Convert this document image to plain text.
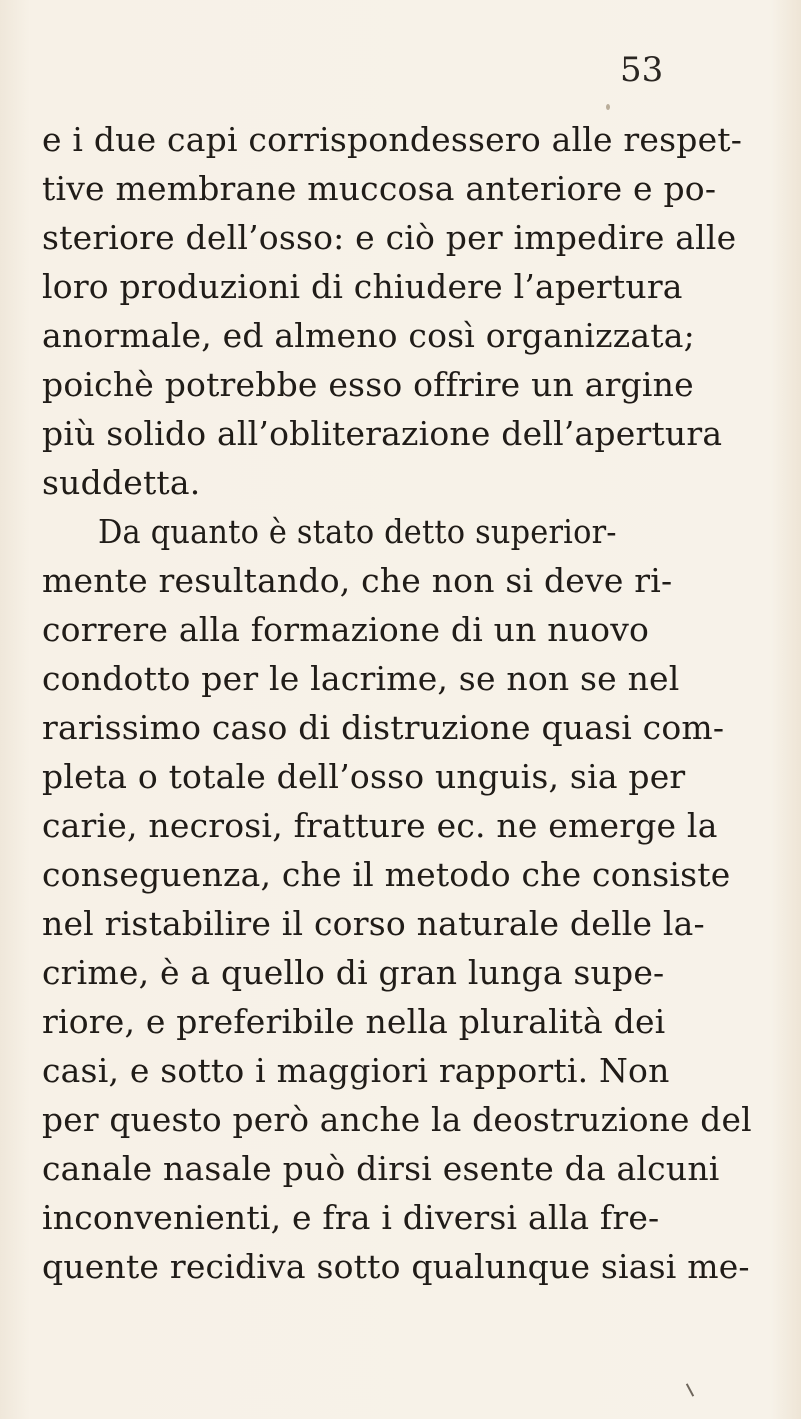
53
e i due capi corrispondessero alle respet-
tive membrane muccosa anteriore e po-
steriore dell’osso: e ciò per impedire alle
loro produzioni di chiudere l’apertura
anormale, ed almeno così organizzata;
poichè potrebbe esso offrire un argine
più solido all’obliterazione dell’apertura
suddetta.
Da quanto è stato detto superior-
mente resultando, che non si deve ri-
correre alla formazione di un nuovo
condotto per le lacrime, se non se nel
rarissimo caso di distruzione quasi com-
pleta o totale dell’osso unguis, sia per
carie, necrosi, fratture ec. ne emerge la
conseguenza, che il metodo che consiste
nel ristabilire il corso naturale delle la-
crime, è a quello di gran lunga supe-
riore, e preferibile nella pluralità dei
casi, e sotto i maggiori rapporti. Non
per questo però anche la deostruzione del
canale nasale può dirsi esente da alcuni
inconvenienti, e fra i diversi alla fre-
quente recidiva sotto qualunque siasi me-
